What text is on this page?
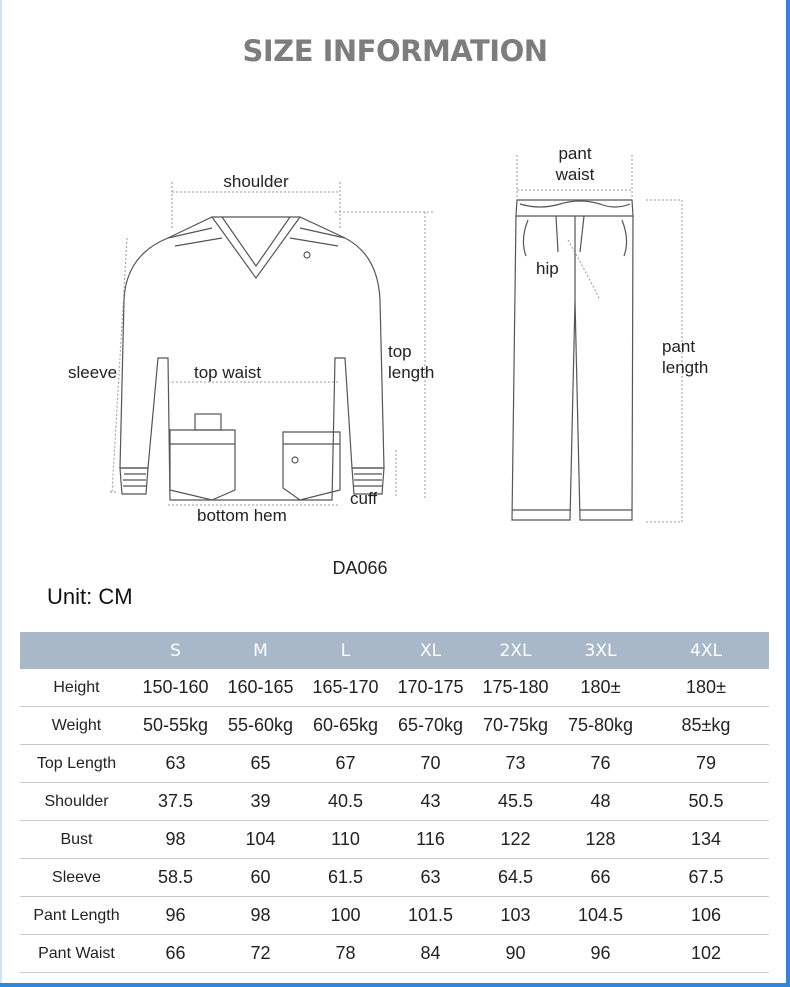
SIZE INFORMATION
shoulder
sleeve	top waist
top
length
bottom hem
cuff
pant
waist
hip
pant
length
DA066
Unit: CM
	S	M	L	XL	2XL	3XL	4XL
Height	150-160	160-165	165-170	170-175	175-180	180±	180±
Weight	50-55kg	55-60kg	60-65kg	65-70kg	70-75kg	75-80kg	85±kg
Top Length	63	65	67	70	73	76	79
Shoulder	37.5	39	40.5	43	45.5	48	50.5
Bust	98	104	110	116	122	128	134
Sleeve	58.5	60	61.5	63	64.5	66	67.5
Pant Length	96	98	100	101.5	103	104.5	106
Pant Waist	66	72	78	84	90	96	102
